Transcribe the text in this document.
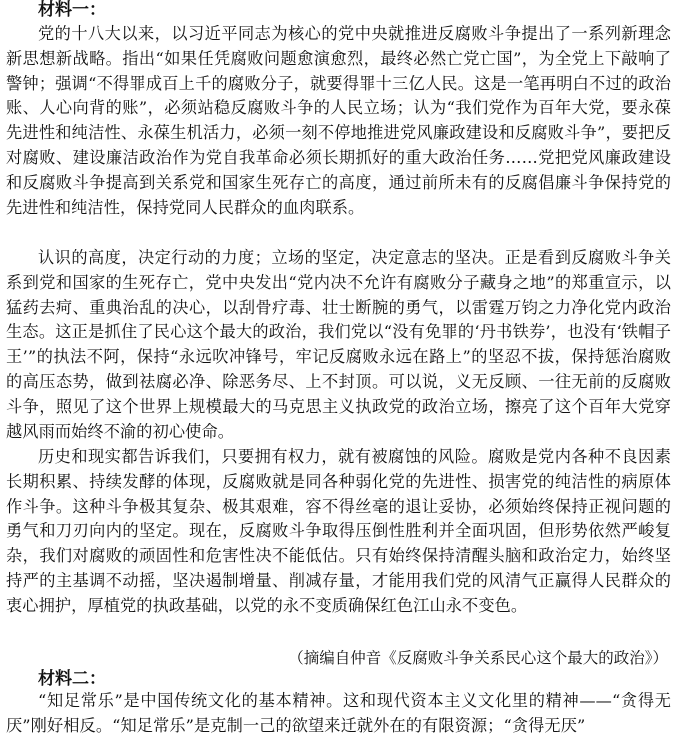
材料一：

党的十八大以来，以习近平同志为核心的党中央就推进反腐败斗争提出了一系列新理念新思想新战略。指出“如果任凭腐败问题愈演愈烈，最终必然亡党亡国”，为全党上下敲响了警钟；强调“不得罪成百上千的腐败分子，就要得罪十三亿人民。这是一笔再明白不过的政治账、人心向背的账”，必须站稳反腐败斗争的人民立场；认为“我们党作为百年大党，要永葆先进性和纯洁性、永葆生机活力，必须一刻不停地推进党风廉政建设和反腐败斗争”，要把反对腐败、建设廉洁政治作为党自我革命必须长期抓好的重大政治任务……党把党风廉政建设和反腐败斗争提高到关系党和国家生死存亡的高度，通过前所未有的反腐倡廉斗争保持党的先进性和纯洁性，保持党同人民群众的血肉联系。

认识的高度，决定行动的力度；立场的坚定，决定意志的坚决。正是看到反腐败斗争关系到党和国家的生死存亡，党中央发出“党内决不允许有腐败分子藏身之地”的郑重宣示，以猛药去疴、重典治乱的决心，以刮骨疗毒、壮士断腕的勇气，以雷霆万钧之力净化党内政治生态。这正是抓住了民心这个最大的政治，我们党以“没有免罪的‘丹书铁券’，也没有‘铁帽子王’”的执法不阿，保持“永远吹冲锋号，牢记反腐败永远在路上”的坚忍不拔，保持惩治腐败的高压态势，做到祛腐必净、除恶务尽、上不封顶。可以说，义无反顾、一往无前的反腐败斗争，照见了这个世界上规模最大的马克思主义执政党的政治立场，擦亮了这个百年大党穿越风雨而始终不渝的初心使命。

历史和现实都告诉我们，只要拥有权力，就有被腐蚀的风险。腐败是党内各种不良因素长期积累、持续发酵的体现，反腐败就是同各种弱化党的先进性、损害党的纯洁性的病原体作斗争。这种斗争极其复杂、极其艰难，容不得丝毫的退让妥协，必须始终保持正视问题的勇气和刀刃向内的坚定。现在，反腐败斗争取得压倒性胜利并全面巩固，但形势依然严峻复杂，我们对腐败的顽固性和危害性决不能低估。只有始终保持清醒头脑和政治定力，始终坚持严的主基调不动摇，坚决遏制增量、削减存量，才能用我们党的风清气正赢得人民群众的衷心拥护，厚植党的执政基础，以党的永不变质确保红色江山永不变色。

（摘编自仲音《反腐败斗争关系民心这个最大的政治》）

材料二：

“知足常乐”是中国传统文化的基本精神。这和现代资本主义文化里的精神——“贪得无厌”刚好相反。“知足常乐”是克制一己的欲望来迁就外在的有限资源；“贪得无厌”
